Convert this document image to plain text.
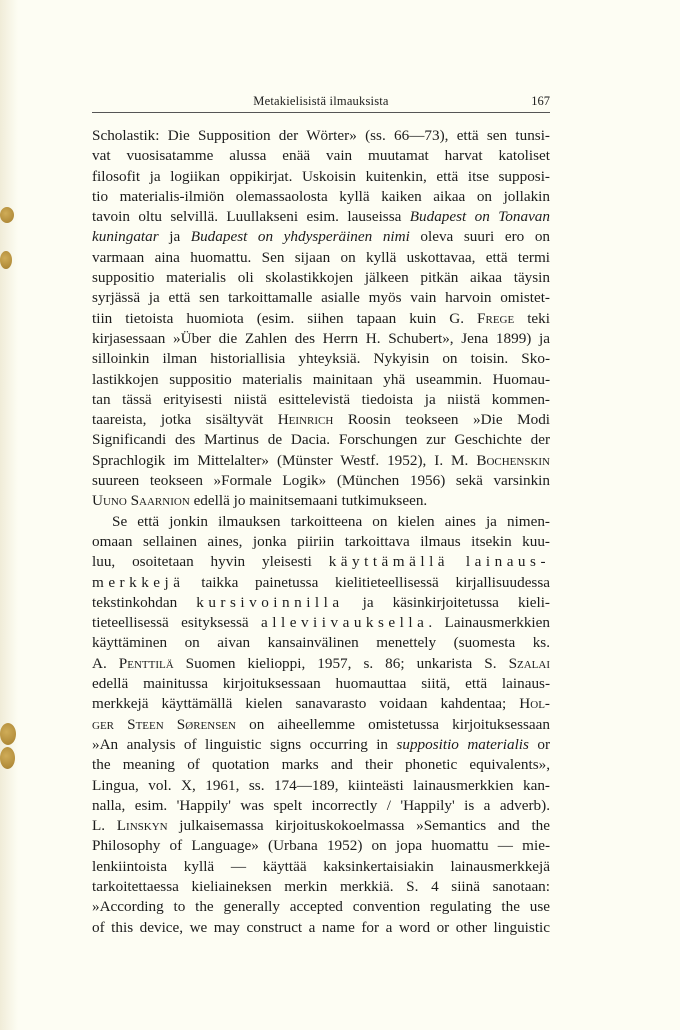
Metakielisistä ilmauksista	167
Scholastik: Die Supposition der Wörter» (ss. 66—73), että sen tunsi-
vat vuosisatamme alussa enää vain muutamat harvat katoliset
filosofit ja logiikan oppikirjat. Uskoisin kuitenkin, että itse supposi-
tio materialis-ilmiön olemassaolosta kyllä kaiken aikaa on jollakin
tavoin oltu selvillä. Luullakseni esim. lauseissa Budapest on Tonavan
kuningatar ja Budapest on yhdysperäinen nimi oleva suuri ero on
varmaan aina huomattu. Sen sijaan on kyllä uskottavaa, että termi
suppositio materialis oli skolastikkojen jälkeen pitkän aikaa täysin
syrjässä ja että sen tarkoittamalle asialle myös vain harvoin omistet-
tiin tietoista huomiota (esim. siihen tapaan kuin G. Frege teki
kirjasessaan »Über die Zahlen des Herrn H. Schubert», Jena 1899) ja
silloinkin ilman historiallisia yhteyksiä. Nykyisin on toisin. Sko-
lastikkojen suppositio materialis mainitaan yhä useammin. Huomau-
tan tässä erityisesti niistä esittelevistä tiedoista ja niistä kommen-
taareista, jotka sisältyvät Heinrich Roosin teokseen »Die Modi
Significandi des Martinus de Dacia. Forschungen zur Geschichte der
Sprachlogik im Mittelalter» (Münster Westf. 1952), I. M. Bochenskin
suureen teokseen »Formale Logik» (München 1956) sekä varsinkin
Uuno Saarnion edellä jo mainitsemaani tutkimukseen.
Se että jonkin ilmauksen tarkoitteena on kielen aines ja nimen-
omaan sellainen aines, jonka piiriin tarkoittava ilmaus itsekin kuu-
luu, osoitetaan hyvin yleisesti käyttämällä lainaus-
merkkejä taikka painetussa kielitieteellisessä kirjallisuudessa
tekstinkohdan kursivoinnilla ja käsinkirjoitetussa kieli-
tieteellisessä esityksessä alleviivauksella. Lainausmerkkien
käyttäminen on aivan kansainvälinen menettely (suomesta ks.
A. Penttilä Suomen kielioppi, 1957, s. 86; unkarista S. Szalai
edellä mainitussa kirjoituksessaan huomauttaa siitä, että lainaus-
merkkejä käyttämällä kielen sanavarasto voidaan kahdentaa; Hol-
ger Steen Sørensen on aiheellemme omistetussa kirjoituksessaan
»An analysis of linguistic signs occurring in suppositio materialis or
the meaning of quotation marks and their phonetic equivalents»,
Lingua, vol. X, 1961, ss. 174—189, kiinteästi lainausmerkkien kan-
nalla, esim. 'Happily' was spelt incorrectly / 'Happily' is a adverb).
L. Linskyn julkaisemassa kirjoituskokoelmassa »Semantics and the
Philosophy of Language» (Urbana 1952) on jopa huomattu — mie-
lenkiintoista kyllä — käyttää kaksinkertaisiakin lainausmerkkejä
tarkoitettaessa kieliaineksen merkin merkkiä. S. 4 siinä sanotaan:
»According to the generally accepted convention regulating the use
of this device, we may construct a name for a word or other linguistic
